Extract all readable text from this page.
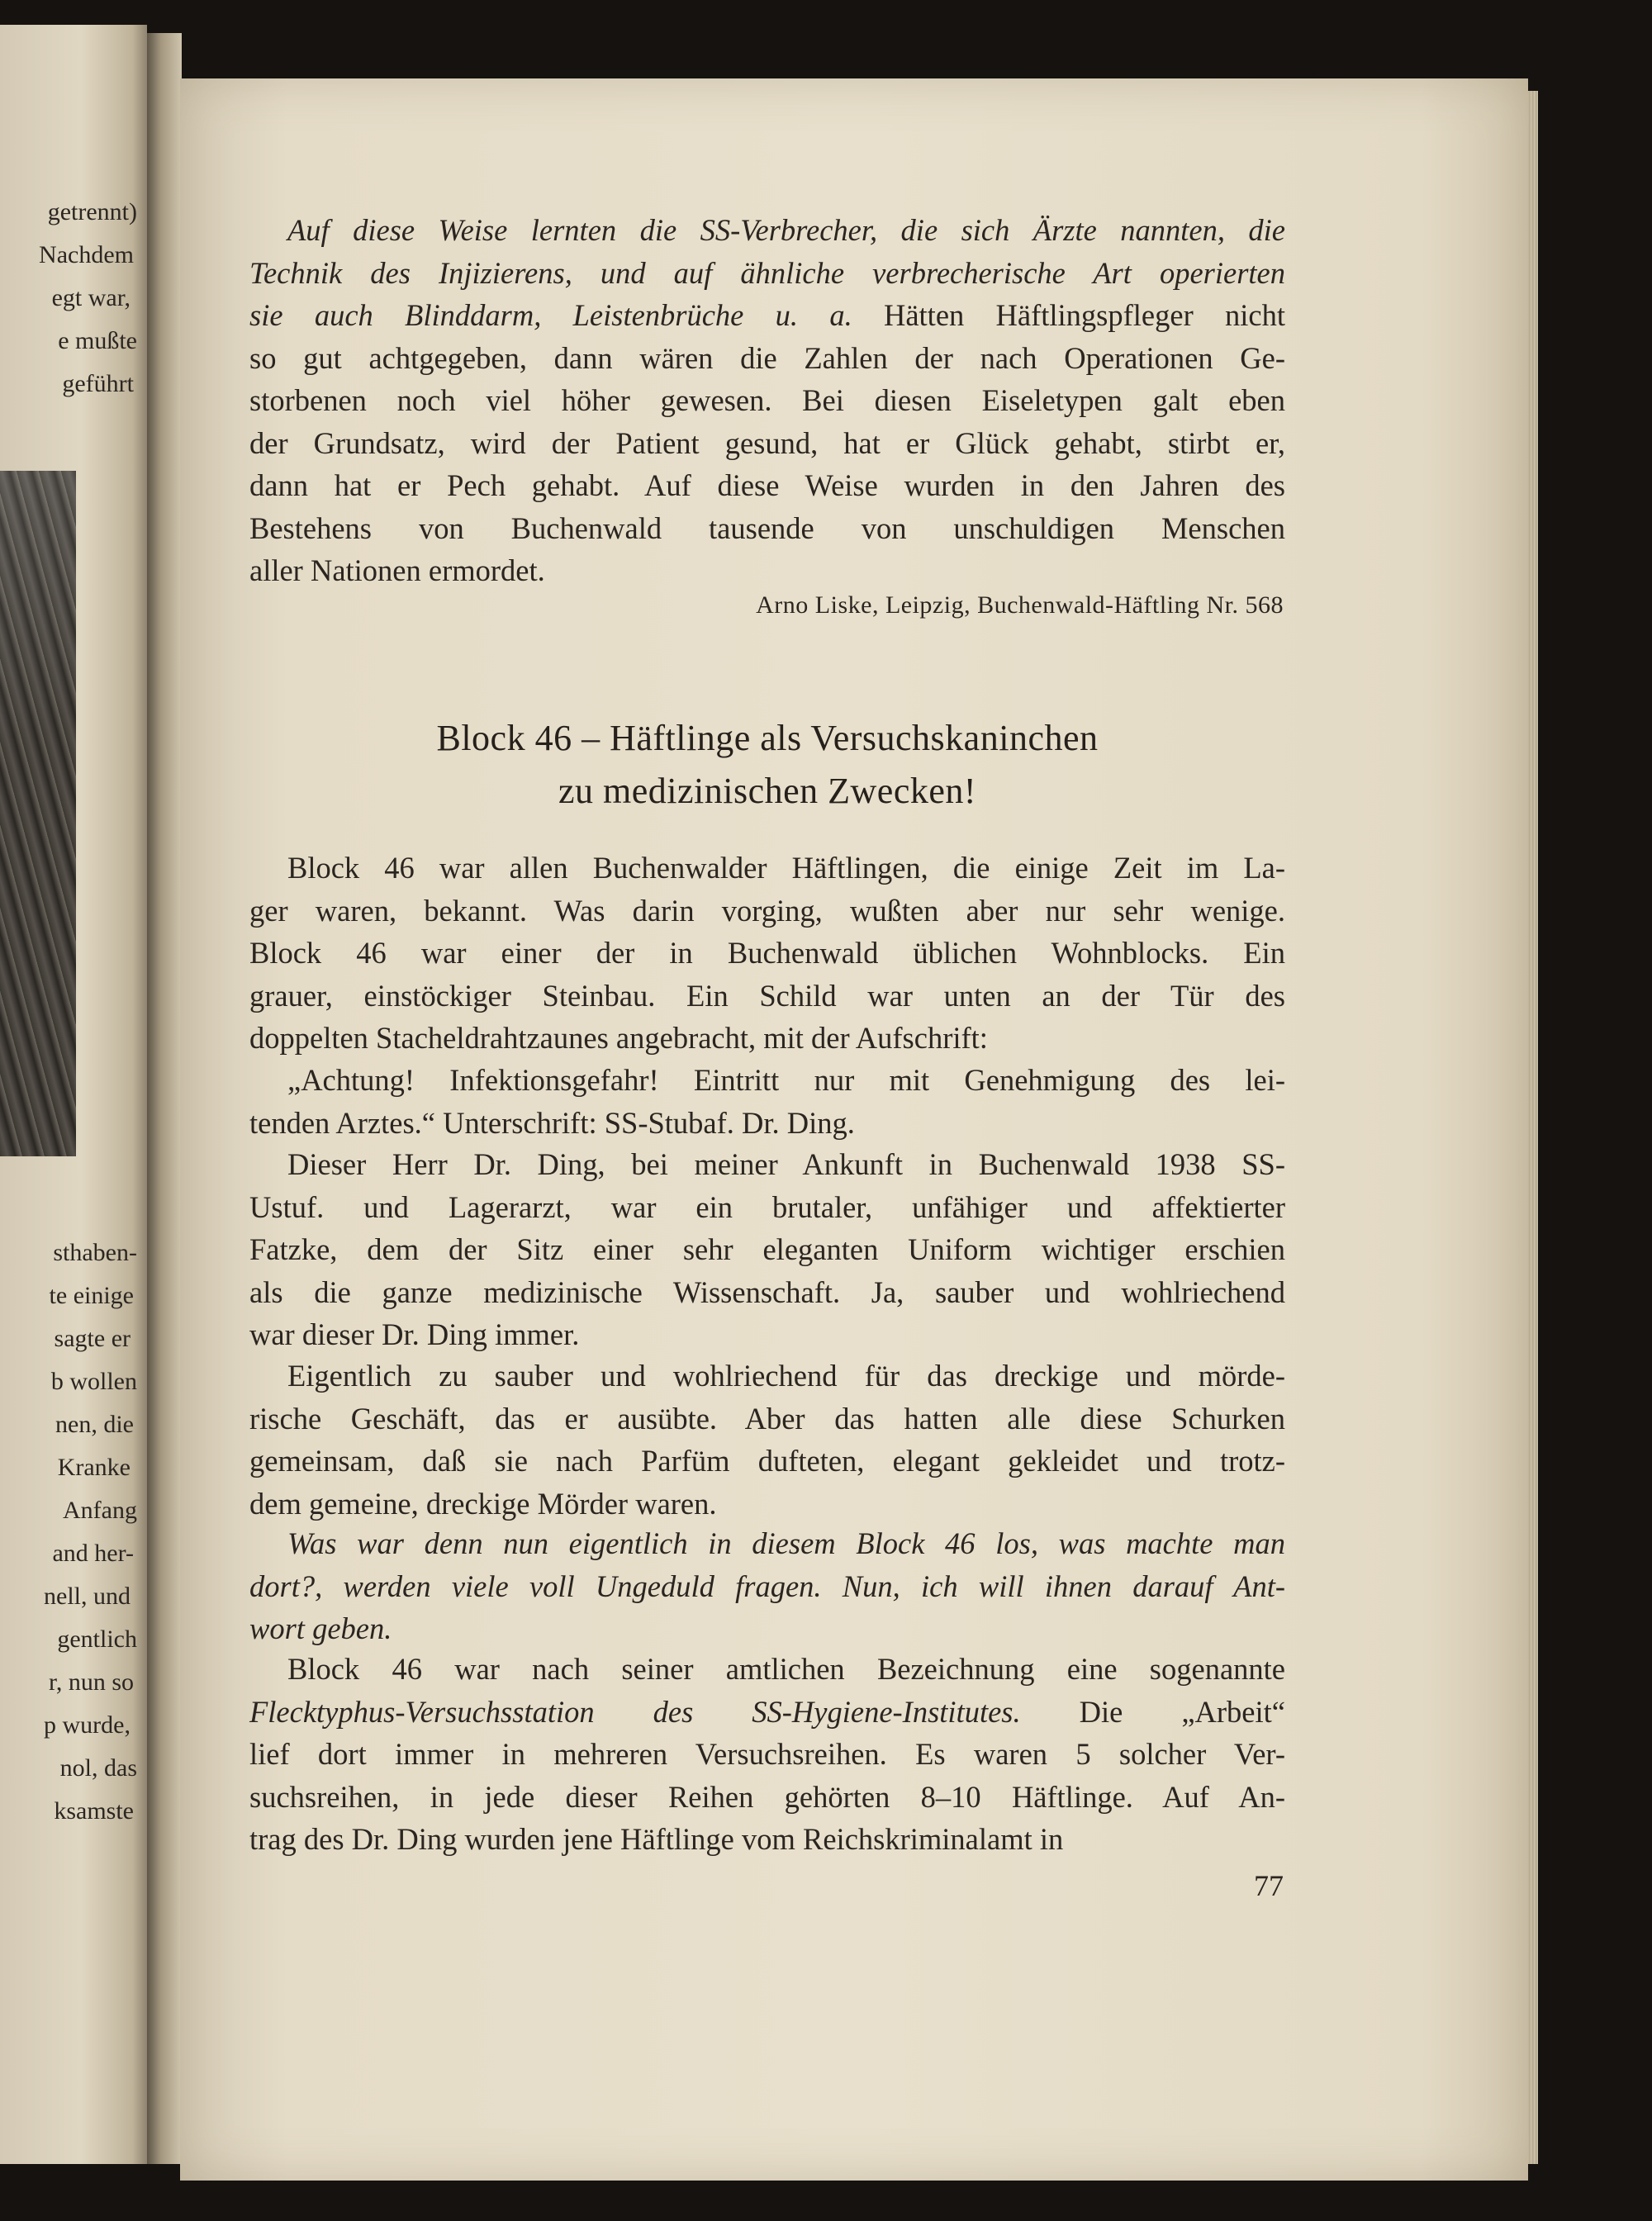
getrennt)
Nachdem
egt war,
e mußte
geführt
sthaben-
te einige
sagte er
b wollen
nen, die
Kranke
Anfang
and her-
nell, und
gentlich
r, nun so
p wurde,
nol, das
ksamste
Auf diese Weise lernten die SS-Verbrecher, die sich Ärzte nannten, die
Technik des Injizierens, und auf ähnliche verbrecherische Art operierten
sie auch Blinddarm, Leistenbrüche u. a. Hätten Häftlingspfleger nicht
so gut achtgegeben, dann wären die Zahlen der nach Operationen Ge-
storbenen noch viel höher gewesen. Bei diesen Eiseletypen galt eben
der Grundsatz, wird der Patient gesund, hat er Glück gehabt, stirbt er,
dann hat er Pech gehabt. Auf diese Weise wurden in den Jahren des
Bestehens von Buchenwald tausende von unschuldigen Menschen
aller Nationen ermordet.
Arno Liske, Leipzig, Buchenwald-Häftling Nr. 568
Block 46 – Häftlinge als Versuchskaninchen
zu medizinischen Zwecken!
Block 46 war allen Buchenwalder Häftlingen, die einige Zeit im La-
ger waren, bekannt. Was darin vorging, wußten aber nur sehr wenige.
Block 46 war einer der in Buchenwald üblichen Wohnblocks. Ein
grauer, einstöckiger Steinbau. Ein Schild war unten an der Tür des
doppelten Stacheldrahtzaunes angebracht, mit der Aufschrift:
„Achtung! Infektionsgefahr! Eintritt nur mit Genehmigung des lei-
tenden Arztes.“ Unterschrift: SS-Stubaf. Dr. Ding.
Dieser Herr Dr. Ding, bei meiner Ankunft in Buchenwald 1938 SS-
Ustuf. und Lagerarzt, war ein brutaler, unfähiger und affektierter
Fatzke, dem der Sitz einer sehr eleganten Uniform wichtiger erschien
als die ganze medizinische Wissenschaft. Ja, sauber und wohlriechend
war dieser Dr. Ding immer.
Eigentlich zu sauber und wohlriechend für das dreckige und mörde-
rische Geschäft, das er ausübte. Aber das hatten alle diese Schurken
gemeinsam, daß sie nach Parfüm dufteten, elegant gekleidet und trotz-
dem gemeine, dreckige Mörder waren.
Was war denn nun eigentlich in diesem Block 46 los, was machte man
dort?, werden viele voll Ungeduld fragen. Nun, ich will ihnen darauf Ant-
wort geben.
Block 46 war nach seiner amtlichen Bezeichnung eine sogenannte
Flecktyphus-Versuchsstation des SS-Hygiene-Institutes. Die „Arbeit“
lief dort immer in mehreren Versuchsreihen. Es waren 5 solcher Ver-
suchsreihen, in jede dieser Reihen gehörten 8–10 Häftlinge. Auf An-
trag des Dr. Ding wurden jene Häftlinge vom Reichskriminalamt in
77
